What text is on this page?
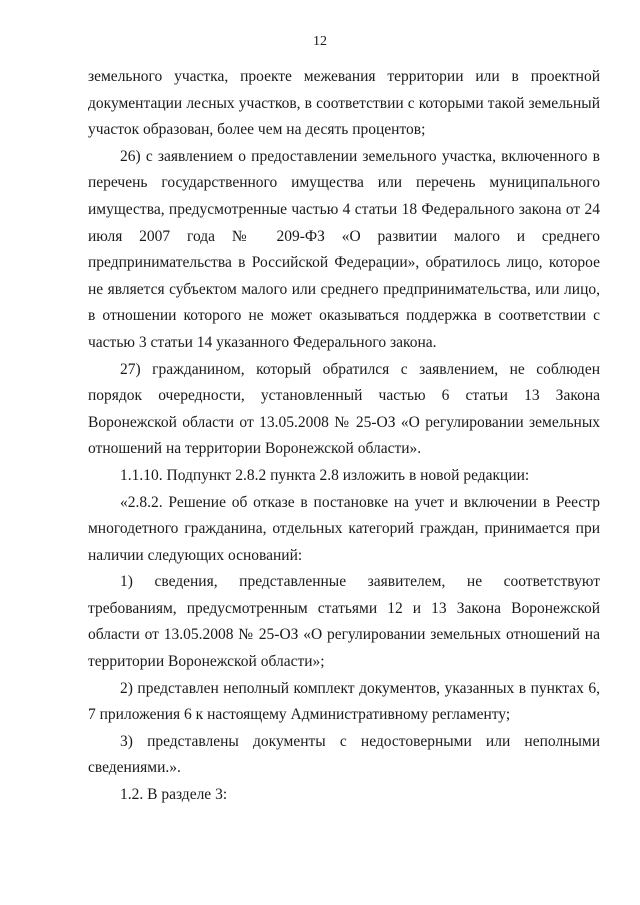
12

земельного участка, проекте межевания территории или в проектной документации лесных участков, в соответствии с которыми такой земельный участок образован, более чем на десять процентов;

26) с заявлением о предоставлении земельного участка, включенного в перечень государственного имущества или перечень муниципального имущества, предусмотренные частью 4 статьи 18 Федерального закона от 24 июля 2007 года № 209-ФЗ «О развитии малого и среднего предпринимательства в Российской Федерации», обратилось лицо, которое не является субъектом малого или среднего предпринимательства, или лицо, в отношении которого не может оказываться поддержка в соответствии с частью 3 статьи 14 указанного Федерального закона.

27) гражданином, который обратился с заявлением, не соблюден порядок очередности, установленный частью 6 статьи 13 Закона Воронежской области от 13.05.2008 № 25-ОЗ «О регулировании земельных отношений на территории Воронежской области».

1.1.10. Подпункт 2.8.2 пункта 2.8 изложить в новой редакции:

«2.8.2. Решение об отказе в постановке на учет и включении в Реестр многодетного гражданина, отдельных категорий граждан, принимается при наличии следующих оснований:

1) сведения, представленные заявителем, не соответствуют требованиям, предусмотренным статьями 12 и 13 Закона Воронежской области от 13.05.2008 № 25-ОЗ «О регулировании земельных отношений на территории Воронежской области»;

2) представлен неполный комплект документов, указанных в пунктах 6, 7 приложения 6 к настоящему Административному регламенту;

3) представлены документы с недостоверными или неполными сведениями.».

1.2. В разделе 3:
